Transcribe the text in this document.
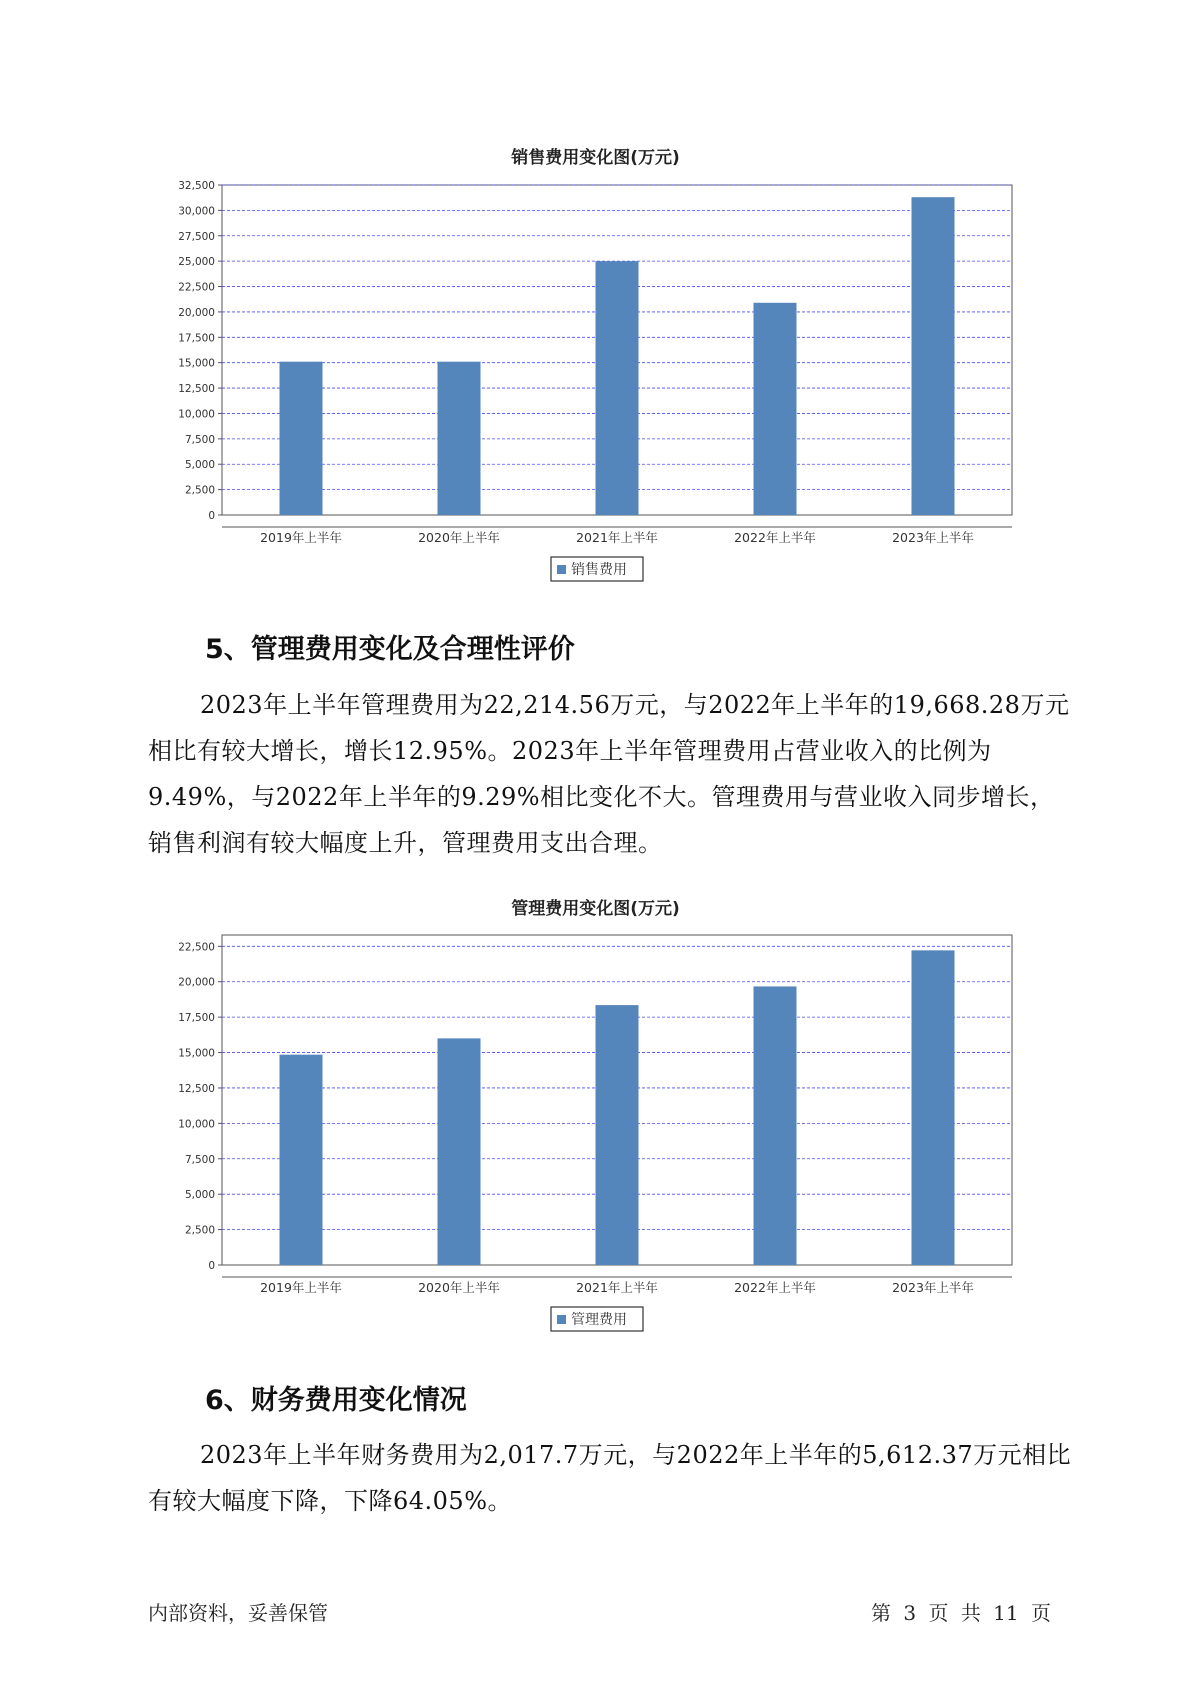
销售费用变化图(万元)
0
2,500
5,000
7,500
10,000
12,500
15,000
17,500
20,000
22,500
25,000
27,500
30,000
32,500
2019年上半年	2020年上半年	2021年上半年	2022年上半年	2023年上半年
销售费用
5、管理费用变化及合理性评价

2023年上半年管理费用为22,214.56万元，与2022年上半年的19,668.28万元相比有较大增长，增长12.95%。2023年上半年管理费用占营业收入的比例为9.49%，与2022年上半年的9.29%相比变化不大。管理费用与营业收入同步增长，销售利润有较大幅度上升，管理费用支出合理。

管理费用变化图(万元)
0
2,500
5,000
7,500
10,000
12,500
15,000
17,500
20,000
22,500
2019年上半年	2020年上半年	2021年上半年	2022年上半年	2023年上半年
管理费用
6、财务费用变化情况

2023年上半年财务费用为2,017.7万元，与2022年上半年的5,612.37万元相比有较大幅度下降，下降64.05%。

内部资料，妥善保管	第 3 页 共 11 页
